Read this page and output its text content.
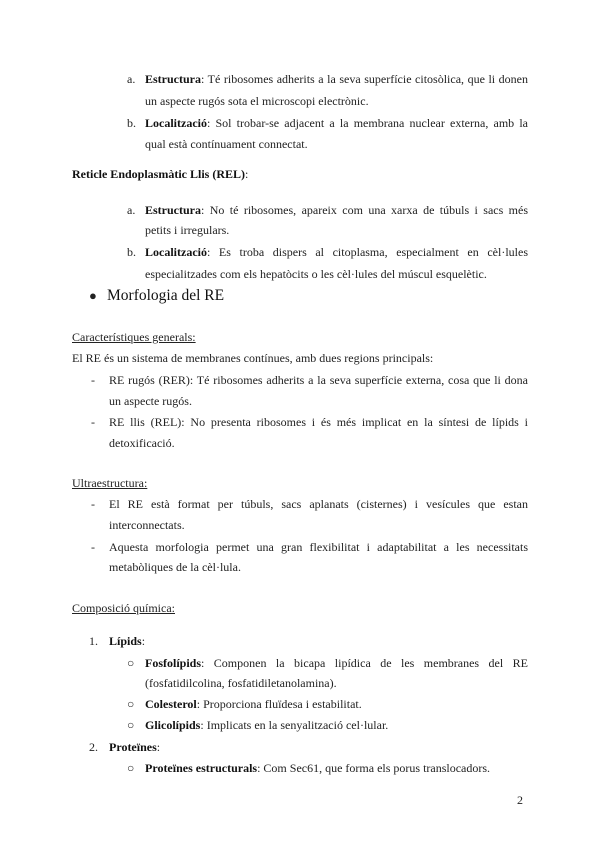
a. Estructura: Té ribosomes adherits a la seva superfície citosòlica, que li donen
un aspecte rugós sota el microscopi electrònic.
b. Localització: Sol trobar-se adjacent a la membrana nuclear externa, amb la
qual està contínuament connectat.
Reticle Endoplasmàtic Llis (REL):
a. Estructura: No té ribosomes, apareix com una xarxa de túbuls i sacs més
petits i irregulars.
b. Localització: Es troba dispers al citoplasma, especialment en cèl·lules
especialitzades com els hepatòcits o les cèl·lules del múscul esquelètic.
● Morfologia del RE
Característiques generals:
El RE és un sistema de membranes contínues, amb dues regions principals:
- RE rugós (RER): Té ribosomes adherits a la seva superfície externa, cosa que li dona
un aspecte rugós.
- RE llis (REL): No presenta ribosomes i és més implicat en la síntesi de lípids i
detoxificació.
Ultraestructura:
- El RE està format per túbuls, sacs aplanats (cisternes) i vesícules que estan
interconnectats.
- Aquesta morfologia permet una gran flexibilitat i adaptabilitat a les necessitats
metabòliques de la cèl·lula.
Composició química:
1. Lípids:
○ Fosfolípids: Componen la bicapa lipídica de les membranes del RE
(fosfatidilcolina, fosfatidiletanolamina).
○ Colesterol: Proporciona fluïdesa i estabilitat.
○ Glicolípids: Implicats en la senyalització cel·lular.
2. Proteïnes:
○ Proteïnes estructurals: Com Sec61, que forma els porus translocadors.
2
